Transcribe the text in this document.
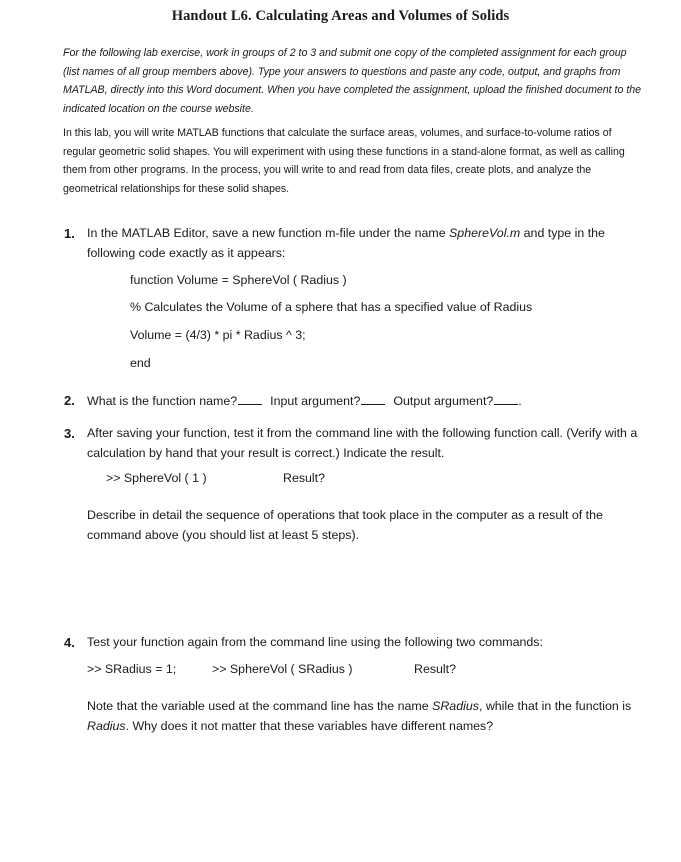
Handout L6. Calculating Areas and Volumes of Solids
For the following lab exercise, work in groups of 2 to 3 and submit one copy of the completed assignment for each group (list names of all group members above). Type your answers to questions and paste any code, output, and graphs from MATLAB, directly into this Word document. When you have completed the assignment, upload the finished document to the indicated location on the course website.
In this lab, you will write MATLAB functions that calculate the surface areas, volumes, and surface-to-volume ratios of regular geometric solid shapes. You will experiment with using these functions in a stand-alone format, as well as calling them from other programs. In the process, you will write to and read from data files, create plots, and analyze the geometrical relationships for these solid shapes.
1. In the MATLAB Editor, save a new function m-file under the name SphereVol.m and type in the following code exactly as it appears:
function Volume = SphereVol ( Radius )
% Calculates the Volume of a sphere that has a specified value of Radius
Volume = (4/3) * pi * Radius ^ 3;
end
2. What is the function name?	Input argument?	Output argument? .
3. After saving your function, test it from the command line with the following function call. (Verify with a calculation by hand that your result is correct.) Indicate the result.
>> SphereVol ( 1 )	Result?
Describe in detail the sequence of operations that took place in the computer as a result of the command above (you should list at least 5 steps).
4. Test your function again from the command line using the following two commands:
>> SRadius = 1;	>> SphereVol ( SRadius )	Result?
Note that the variable used at the command line has the name SRadius, while that in the function is Radius. Why does it not matter that these variables have different names?
